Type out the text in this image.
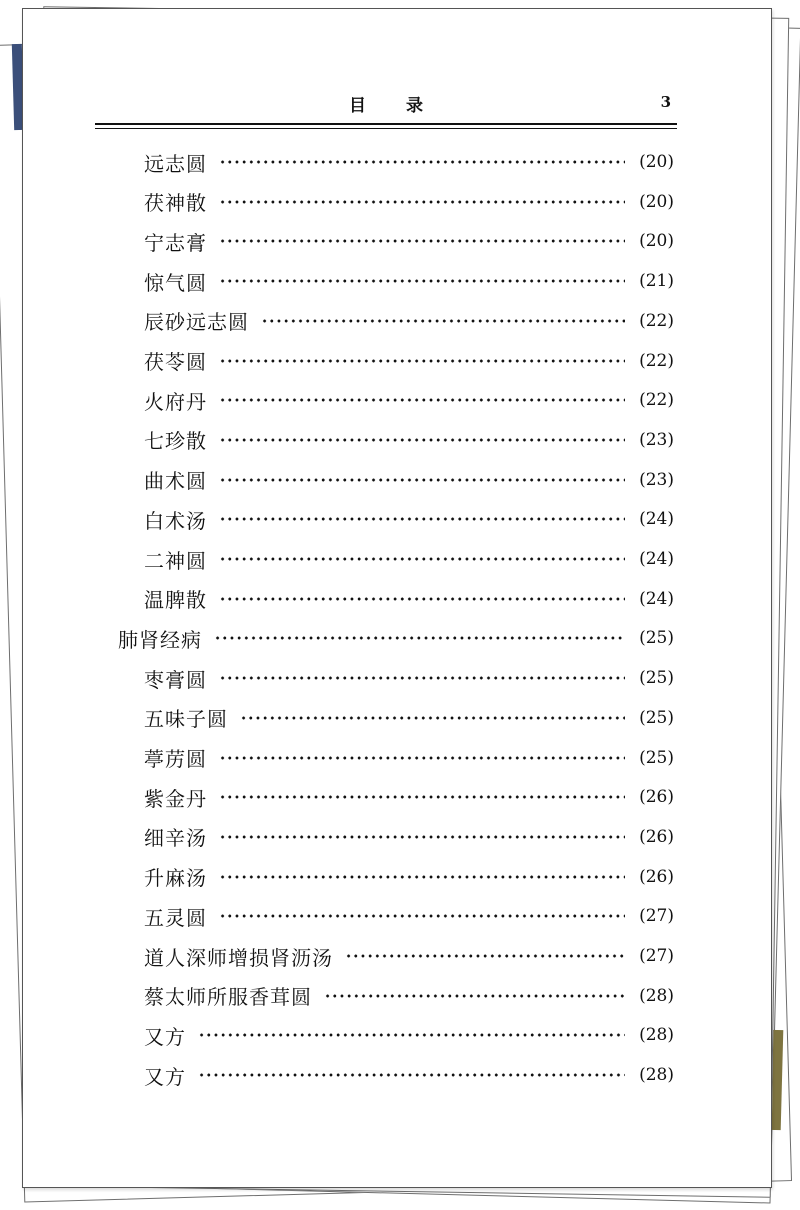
目录	3
远志圆	(20)
茯神散	(20)
宁志膏	(20)
惊气圆	(21)
辰砂远志圆	(22)
茯苓圆	(22)
火府丹	(22)
七珍散	(23)
曲术圆	(23)
白术汤	(24)
二神圆	(24)
温脾散	(24)
肺肾经病	(25)
枣膏圆	(25)
五味子圆	(25)
葶苈圆	(25)
紫金丹	(26)
细辛汤	(26)
升麻汤	(26)
五灵圆	(27)
道人深师增损肾沥汤	(27)
蔡太师所服香茸圆	(28)
又方	(28)
又方	(28)
